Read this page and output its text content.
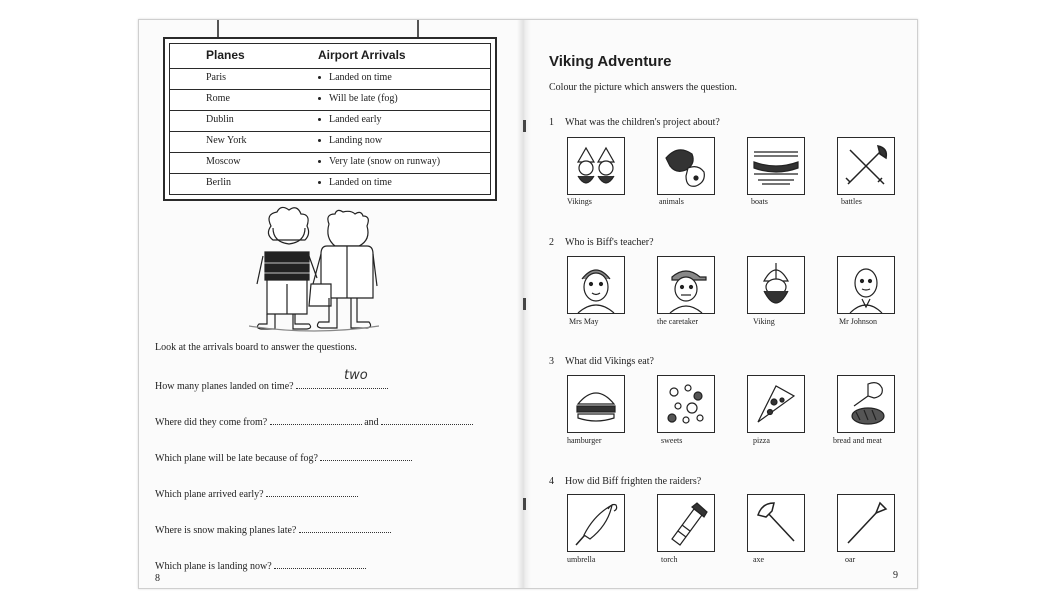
Planes	Airport Arrivals
Paris	Landed on time
Rome	Will be late (fog)
Dublin	Landed early
New York	Landing now
Moscow	Very late (snow on runway)
Berlin	Landed on time
Look at the arrivals board to answer the questions.
How many planes landed on time?
two
Where did they come from?	and
Which plane will be late because of fog?
Which plane arrived early?
Where is snow making planes late?
Which plane is landing now?
8
Viking Adventure
Colour the picture which answers the question.
1 What was the children's project about?
Vikings	animals	boats	battles
2 Who is Biff's teacher?
Mrs May	the caretaker	Viking	Mr Johnson
3 What did Vikings eat?
hamburger	sweets	pizza	bread and meat
4 How did Biff frighten the raiders?
umbrella	torch	axe	oar
9
